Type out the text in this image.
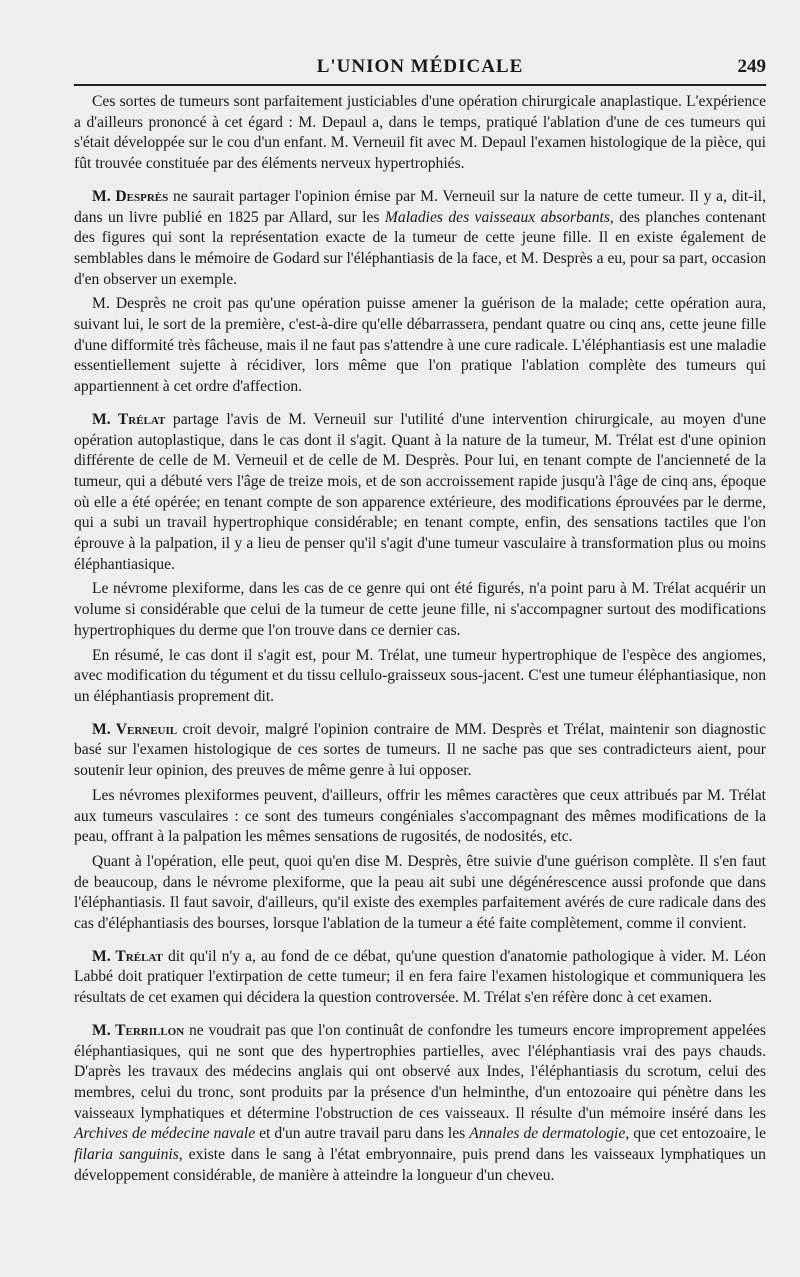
L'UNION MÉDICALE	249

Ces sortes de tumeurs sont parfaitement justiciables d'une opération chirurgicale anaplastique. L'expérience a d'ailleurs prononcé à cet égard : M. Depaul a, dans le temps, pratiqué l'ablation d'une de ces tumeurs qui s'était développée sur le cou d'un enfant. M. Verneuil fit avec M. Depaul l'examen histologique de la pièce, qui fût trouvée constituée par des éléments nerveux hypertrophiés.

M. Desprès ne saurait partager l'opinion émise par M. Verneuil sur la nature de cette tumeur. Il y a, dit-il, dans un livre publié en 1825 par Allard, sur les Maladies des vaisseaux absorbants, des planches contenant des figures qui sont la représentation exacte de la tumeur de cette jeune fille. Il en existe également de semblables dans le mémoire de Godard sur l'éléphantiasis de la face, et M. Desprès a eu, pour sa part, occasion d'en observer un exemple.

M. Desprès ne croit pas qu'une opération puisse amener la guérison de la malade; cette opération aura, suivant lui, le sort de la première, c'est-à-dire qu'elle débarrassera, pendant quatre ou cinq ans, cette jeune fille d'une difformité très fâcheuse, mais il ne faut pas s'attendre à une cure radicale. L'éléphantiasis est une maladie essentiellement sujette à récidiver, lors même que l'on pratique l'ablation complète des tumeurs qui appartiennent à cet ordre d'affection.

M. Trélat partage l'avis de M. Verneuil sur l'utilité d'une intervention chirurgicale, au moyen d'une opération autoplastique, dans le cas dont il s'agit. Quant à la nature de la tumeur, M. Trélat est d'une opinion différente de celle de M. Verneuil et de celle de M. Desprès. Pour lui, en tenant compte de l'ancienneté de la tumeur, qui a débuté vers l'âge de treize mois, et de son accroissement rapide jusqu'à l'âge de cinq ans, époque où elle a été opérée; en tenant compte de son apparence extérieure, des modifications éprouvées par le derme, qui a subi un travail hypertrophique considérable; en tenant compte, enfin, des sensations tactiles que l'on éprouve à la palpation, il y a lieu de penser qu'il s'agit d'une tumeur vasculaire à transformation plus ou moins éléphantiasique.

Le névrome plexiforme, dans les cas de ce genre qui ont été figurés, n'a point paru à M. Trélat acquérir un volume si considérable que celui de la tumeur de cette jeune fille, ni s'accompagner surtout des modifications hypertrophiques du derme que l'on trouve dans ce dernier cas.

En résumé, le cas dont il s'agit est, pour M. Trélat, une tumeur hypertrophique de l'espèce des angiomes, avec modification du tégument et du tissu cellulo-graisseux sous-jacent. C'est une tumeur éléphantiasique, non un éléphantiasis proprement dit.

M. Verneuil croit devoir, malgré l'opinion contraire de MM. Desprès et Trélat, maintenir son diagnostic basé sur l'examen histologique de ces sortes de tumeurs. Il ne sache pas que ses contradicteurs aient, pour soutenir leur opinion, des preuves de même genre à lui opposer.

Les névromes plexiformes peuvent, d'ailleurs, offrir les mêmes caractères que ceux attribués par M. Trélat aux tumeurs vasculaires : ce sont des tumeurs congéniales s'accompagnant des mêmes modifications de la peau, offrant à la palpation les mêmes sensations de rugosités, de nodosités, etc.

Quant à l'opération, elle peut, quoi qu'en dise M. Desprès, être suivie d'une guérison complète. Il s'en faut de beaucoup, dans le névrome plexiforme, que la peau ait subi une dégénérescence aussi profonde que dans l'éléphantiasis. Il faut savoir, d'ailleurs, qu'il existe des exemples parfaitement avérés de cure radicale dans des cas d'éléphantiasis des bourses, lorsque l'ablation de la tumeur a été faite complètement, comme il convient.

M. Trélat dit qu'il n'y a, au fond de ce débat, qu'une question d'anatomie pathologique à vider. M. Léon Labbé doit pratiquer l'extirpation de cette tumeur; il en fera faire l'examen histologique et communiquera les résultats de cet examen qui décidera la question controversée. M. Trélat s'en réfère donc à cet examen.

M. Terrillon ne voudrait pas que l'on continuât de confondre les tumeurs encore improprement appelées éléphantiasiques, qui ne sont que des hypertrophies partielles, avec l'éléphantiasis vrai des pays chauds. D'après les travaux des médecins anglais qui ont observé aux Indes, l'éléphantiasis du scrotum, celui des membres, celui du tronc, sont produits par la présence d'un helminthe, d'un entozoaire qui pénètre dans les vaisseaux lymphatiques et détermine l'obstruction de ces vaisseaux. Il résulte d'un mémoire inséré dans les Archives de médecine navale et d'un autre travail paru dans les Annales de dermatologie, que cet entozoaire, le filaria sanguinis, existe dans le sang à l'état embryonnaire, puis prend dans les vaisseaux lymphatiques un développement considérable, de manière à atteindre la longueur d'un cheveu.
